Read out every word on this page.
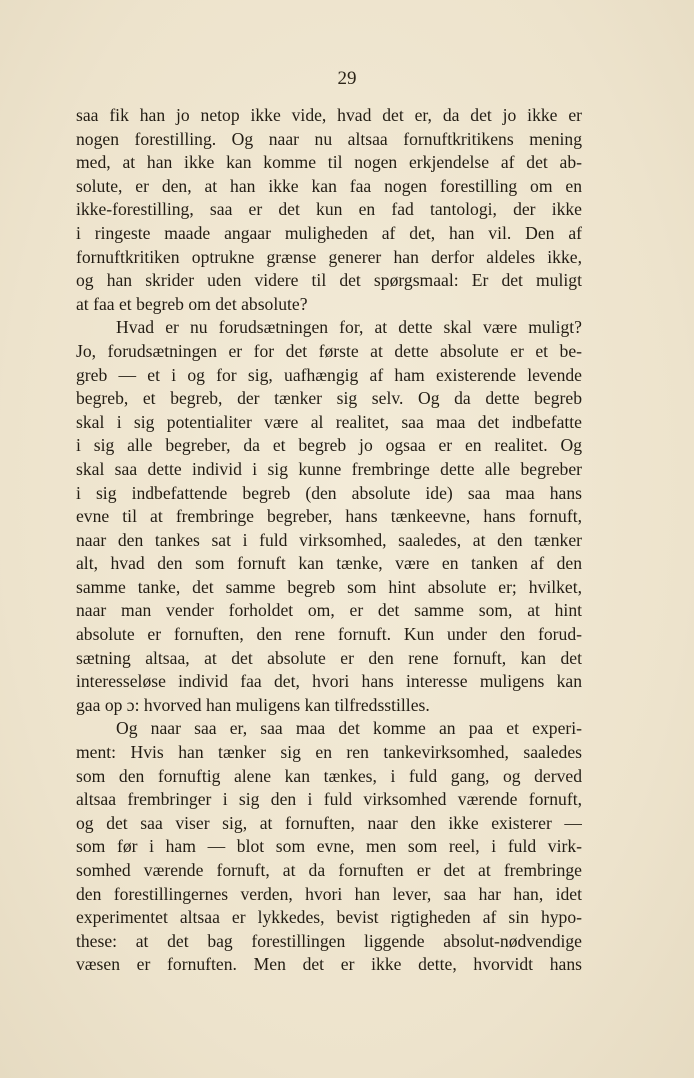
29
saa fik han jo netop ikke vide, hvad det er, da det jo ikke er
nogen forestilling. Og naar nu altsaa fornuftkritikens mening
med, at han ikke kan komme til nogen erkjendelse af det ab-
solute, er den, at han ikke kan faa nogen forestilling om en
ikke-forestilling, saa er det kun en fad tantologi, der ikke
i ringeste maade angaar muligheden af det, han vil. Den af
fornuftkritiken optrukne grænse generer han derfor aldeles ikke,
og han skrider uden videre til det spørgsmaal: Er det muligt
at faa et begreb om det absolute?
Hvad er nu forudsætningen for, at dette skal være muligt?
Jo, forudsætningen er for det første at dette absolute er et be-
greb — et i og for sig, uafhængig af ham existerende levende
begreb, et begreb, der tænker sig selv. Og da dette begreb
skal i sig potentialiter være al realitet, saa maa det indbefatte
i sig alle begreber, da et begreb jo ogsaa er en realitet. Og
skal saa dette individ i sig kunne frembringe dette alle begreber
i sig indbefattende begreb (den absolute ide) saa maa hans
evne til at frembringe begreber, hans tænkeevne, hans fornuft,
naar den tankes sat i fuld virksomhed, saaledes, at den tænker
alt, hvad den som fornuft kan tænke, være en tanken af den
samme tanke, det samme begreb som hint absolute er; hvilket,
naar man vender forholdet om, er det samme som, at hint
absolute er fornuften, den rene fornuft. Kun under den forud-
sætning altsaa, at det absolute er den rene fornuft, kan det
interesseløse individ faa det, hvori hans interesse muligens kan
gaa op ɔ: hvorved han muligens kan tilfredsstilles.
Og naar saa er, saa maa det komme an paa et experi-
ment: Hvis han tænker sig en ren tankevirksomhed, saaledes
som den fornuftig alene kan tænkes, i fuld gang, og derved
altsaa frembringer i sig den i fuld virksomhed værende fornuft,
og det saa viser sig, at fornuften, naar den ikke existerer —
som før i ham — blot som evne, men som reel, i fuld virk-
somhed værende fornuft, at da fornuften er det at frembringe
den forestillingernes verden, hvori han lever, saa har han, idet
experimentet altsaa er lykkedes, bevist rigtigheden af sin hypo-
these: at det bag forestillingen liggende absolut-nødvendige
væsen er fornuften. Men det er ikke dette, hvorvidt hans
